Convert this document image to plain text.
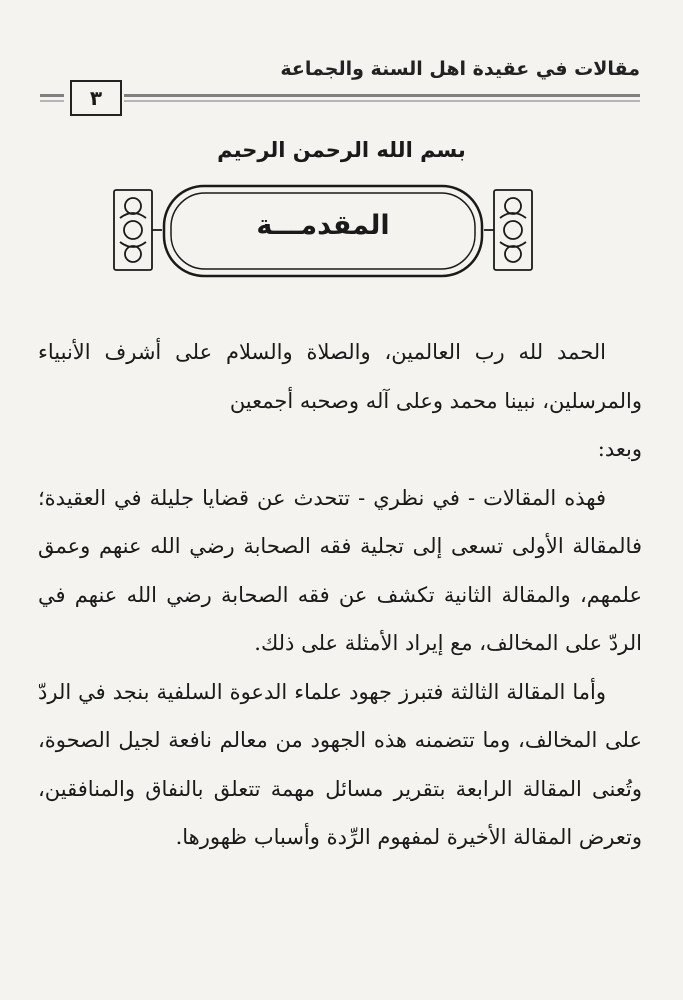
مقالات في عقيدة اهل السنة والجماعة
٣
بسم الله الرحمن الرحيم
المقدمـــة

الحمد لله رب العالمين، والصلاة والسلام على أشرف الأنبياء والمرسلين، نبينا محمد وعلى آله وصحبه أجمعين

وبعد:

فهذه المقالات - في نظري - تتحدث عن قضايا جليلة في العقيدة؛ فالمقالة الأولى تسعى إلى تجلية فقه الصحابة رضي الله عنهم وعمق علمهم، والمقالة الثانية تكشف عن فقه الصحابة رضي الله عنهم في الردّ على المخالف، مع إيراد الأمثلة على ذلك.

وأما المقالة الثالثة فتبرز جهود علماء الدعوة السلفية بنجد في الردّ على المخالف، وما تتضمنه هذه الجهود من معالم نافعة لجيل الصحوة، وتُعنى المقالة الرابعة بتقرير مسائل مهمة تتعلق بالنفاق والمنافقين، وتعرض المقالة الأخيرة لمفهوم الرِّدة وأسباب ظهورها.
